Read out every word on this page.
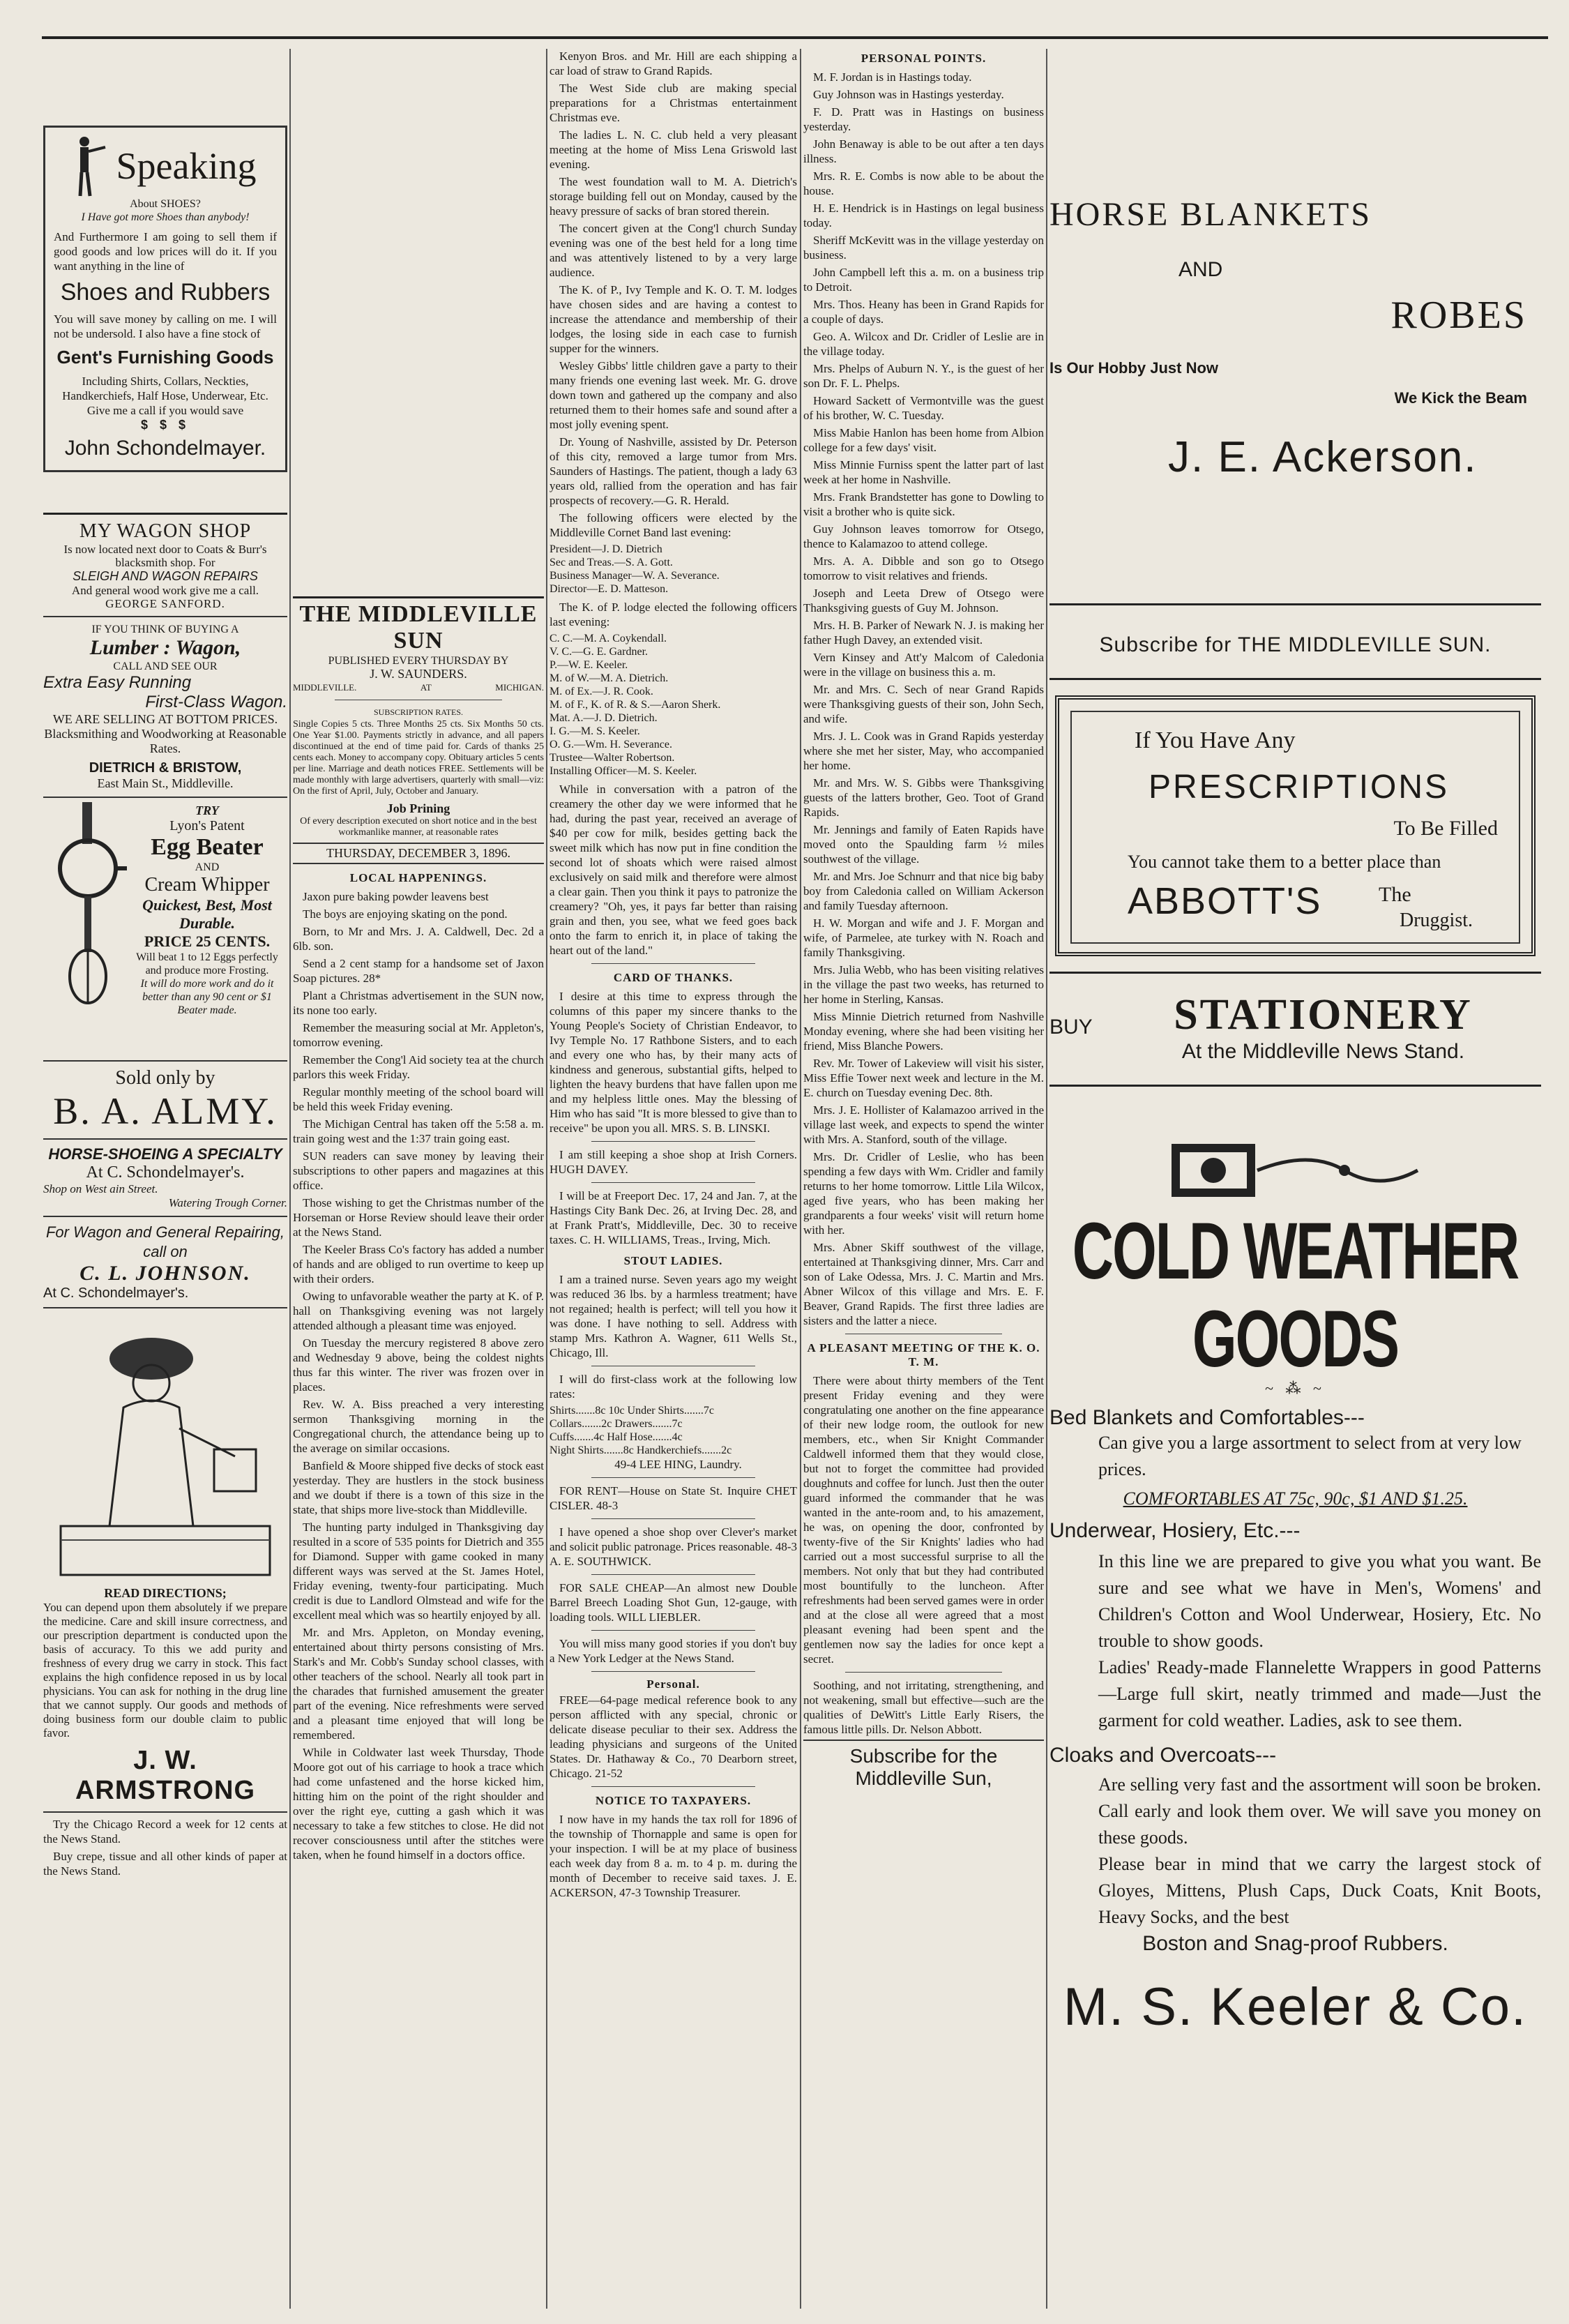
Speaking
About SHOES?
I Have got more Shoes than anybody!
And Furthermore I am going to sell them if good goods and low prices will do it. If you want anything in the line of
Shoes and Rubbers
You will save money by calling on me. I will not be undersold. I also have a fine stock of
Gent's Furnishing Goods
Including Shirts, Collars, Neckties, Handkerchiefs, Half Hose, Underwear, Etc. Give me a call if you would save
$ $ $
John Schondelmayer.
MY WAGON SHOP
Is now located next door to Coats & Burr's blacksmith shop. For
SLEIGH AND WAGON REPAIRS
And general wood work give me a call.
GEORGE SANFORD.
IF YOU THINK OF BUYING A
Lumber : Wagon,
CALL AND SEE OUR
Extra Easy Running
First-Class Wagon.
WE ARE SELLING AT BOTTOM PRICES.
Blacksmithing and Woodworking at Reasonable Rates.
DIETRICH & BRISTOW,
East Main St., Middleville.
TRY
Lyon's Patent
Egg Beater
AND
Cream Whipper
Quickest, Best, Most Durable.
PRICE 25 CENTS.
Will beat 1 to 12 Eggs perfectly and produce more Frosting.
It will do more work and do it better than any 90 cent or $1 Beater made.
Sold only by
B. A. ALMY.
HORSE-SHOEING A SPECIALTY
At C. Schondelmayer's.
Shop on West ain Street.
Watering Trough Corner.
For Wagon and General Repairing, call on
C. L. JOHNSON.
At C. Schondelmayer's.
READ DIRECTIONS;
You can depend upon them absolutely if we prepare the medicine. Care and skill insure correctness, and our prescription department is conducted upon the basis of accuracy. To this we add purity and freshness of every drug we carry in stock. This fact explains the high confidence reposed in us by local physicians. You can ask for nothing in the drug line that we cannot supply. Our goods and methods of doing business form our double claim to public favor.
J. W. ARMSTRONG

Try the Chicago Record a week for 12 cents at the News Stand.

Buy crepe, tissue and all other kinds of paper at the News Stand.

THE MIDDLEVILLE SUN
PUBLISHED EVERY THURSDAY BY
J. W. SAUNDERS.
MIDDLEVILLE.	AT	MICHIGAN.
SUBSCRIPTION RATES.
Single Copies 5 cts. Three Months 25 cts. Six Months 50 cts. One Year $1.00. Payments strictly in advance, and all papers discontinued at the end of time paid for. Cards of thanks 25 cents each. Money to accompany copy. Obituary articles 5 cents per line. Marriage and death notices FREE. Settlements will be made monthly with large advertisers, quarterly with small—viz: On the first of April, July, October and January.
Job Prining
Of every description executed on short notice and in the best workmanlike manner, at reasonable rates
THURSDAY, DECEMBER 3, 1896.
LOCAL HAPPENINGS.

Jaxon pure baking powder leavens best

The boys are enjoying skating on the pond.

Born, to Mr and Mrs. J. A. Caldwell, Dec. 2d a 6lb. son.

Send a 2 cent stamp for a handsome set of Jaxon Soap pictures. 28*

Plant a Christmas advertisement in the SUN now, its none too early.

Remember the measuring social at Mr. Appleton's, tomorrow evening.

Remember the Cong'l Aid society tea at the church parlors this week Friday.

Regular monthly meeting of the school board will be held this week Friday evening.

The Michigan Central has taken off the 5:58 a. m. train going west and the 1:37 train going east.

SUN readers can save money by leaving their subscriptions to other papers and magazines at this office.

Those wishing to get the Christmas number of the Horseman or Horse Review should leave their order at the News Stand.

The Keeler Brass Co's factory has added a number of hands and are obliged to run overtime to keep up with their orders.

Owing to unfavorable weather the party at K. of P. hall on Thanksgiving evening was not largely attended although a pleasant time was enjoyed.

On Tuesday the mercury registered 8 above zero and Wednesday 9 above, being the coldest nights thus far this winter. The river was frozen over in places.

Rev. W. A. Biss preached a very interesting sermon Thanksgiving morning in the Congregational church, the attendance being up to the average on similar occasions.

Banfield & Moore shipped five decks of stock east yesterday. They are hustlers in the stock business and we doubt if there is a town of this size in the state, that ships more live-stock than Middleville.

The hunting party indulged in Thanksgiving day resulted in a score of 535 points for Dietrich and 355 for Diamond. Supper with game cooked in many different ways was served at the St. James Hotel, Friday evening, twenty-four participating. Much credit is due to Landlord Olmstead and wife for the excellent meal which was so heartily enjoyed by all.

Mr. and Mrs. Appleton, on Monday evening, entertained about thirty persons consisting of Mrs. Stark's and Mr. Cobb's Sunday school classes, with other teachers of the school. Nearly all took part in the charades that furnished amusement the greater part of the evening. Nice refreshments were served and a pleasant time enjoyed that will long be remembered.

While in Coldwater last week Thursday, Thode Moore got out of his carriage to hook a trace which had come unfastened and the horse kicked him, hitting him on the point of the right shoulder and over the right eye, cutting a gash which it was necessary to take a few stitches to close. He did not recover consciousness until after the stitches were taken, when he found himself in a doctors office.

Kenyon Bros. and Mr. Hill are each shipping a car load of straw to Grand Rapids.

The West Side club are making special preparations for a Christmas entertainment Christmas eve.

The ladies L. N. C. club held a very pleasant meeting at the home of Miss Lena Griswold last evening.

The west foundation wall to M. A. Dietrich's storage building fell out on Monday, caused by the heavy pressure of sacks of bran stored therein.

The concert given at the Cong'l church Sunday evening was one of the best held for a long time and was attentively listened to by a very large audience.

The K. of P., Ivy Temple and K. O. T. M. lodges have chosen sides and are having a contest to increase the attendance and membership of their lodges, the losing side in each case to furnish supper for the winners.

Wesley Gibbs' little children gave a party to their many friends one evening last week. Mr. G. drove down town and gathered up the company and also returned them to their homes safe and sound after a most jolly evening spent.

Dr. Young of Nashville, assisted by Dr. Peterson of this city, removed a large tumor from Mrs. Saunders of Hastings. The patient, though a lady 63 years old, rallied from the operation and has fair prospects of recovery.—G. R. Herald.

The following officers were elected by the Middleville Cornet Band last evening:

President—J. D. Dietrich

Sec and Treas.—S. A. Gott.

Business Manager—W. A. Severance.

Director—E. D. Matteson.

The K. of P. lodge elected the following officers last evening:

C. C.—M. A. Coykendall.

V. C.—G. E. Gardner.

P.—W. E. Keeler.

M. of W.—M. A. Dietrich.

M. of Ex.—J. R. Cook.

M. of F., K. of R. & S.—Aaron Sherk.

Mat. A.—J. D. Dietrich.

I. G.—M. S. Keeler.

O. G.—Wm. H. Severance.

Trustee—Walter Robertson.

Installing Officer—M. S. Keeler.

While in conversation with a patron of the creamery the other day we were informed that he had, during the past year, received an average of $40 per cow for milk, besides getting back the sweet milk which has now put in fine condition the second lot of shoats which were raised almost exclusively on said milk and therefore were almost a clear gain. Then you think it pays to patronize the creamery? "Oh, yes, it pays far better than raising grain and then, you see, what we feed goes back onto the farm to enrich it, in place of taking the heart out of the land."

CARD OF THANKS.

I desire at this time to express through the columns of this paper my sincere thanks to the Young People's Society of Christian Endeavor, to Ivy Temple No. 17 Rathbone Sisters, and to each and every one who has, by their many acts of kindness and generous, substantial gifts, helped to lighten the heavy burdens that have fallen upon me and my helpless little ones. May the blessing of Him who has said "It is more blessed to give than to receive" be upon you all. MRS. S. B. LINSKI.

I am still keeping a shoe shop at Irish Corners. HUGH DAVEY.

I will be at Freeport Dec. 17, 24 and Jan. 7, at the Hastings City Bank Dec. 26, at Irving Dec. 28, and at Frank Pratt's, Middleville, Dec. 30 to receive taxes. C. H. WILLIAMS, Treas., Irving, Mich.

STOUT LADIES.

I am a trained nurse. Seven years ago my weight was reduced 36 lbs. by a harmless treatment; have not regained; health is perfect; will tell you how it was done. I have nothing to sell. Address with stamp Mrs. Kathron A. Wagner, 611 Wells St., Chicago, Ill.

I will do first-class work at the following low rates:

Shirts.......8c 10c Under Shirts.......7c

Collars.......2c Drawers.......7c

Cuffs.......4c Half Hose.......4c

Night Shirts.......8c Handkerchiefs.......2c

49-4 LEE HING, Laundry.

FOR RENT—House on State St. Inquire CHET CISLER. 48-3

I have opened a shoe shop over Clever's market and solicit public patronage. Prices reasonable. 48-3 A. E. SOUTHWICK.

FOR SALE CHEAP—An almost new Double Barrel Breech Loading Shot Gun, 12-gauge, with loading tools. WILL LIEBLER.

You will miss many good stories if you don't buy a New York Ledger at the News Stand.

Personal.

FREE—64-page medical reference book to any person afflicted with any special, chronic or delicate disease peculiar to their sex. Address the leading physicians and surgeons of the United States. Dr. Hathaway & Co., 70 Dearborn street, Chicago. 21-52

NOTICE TO TAXPAYERS.

I now have in my hands the tax roll for 1896 of the township of Thornapple and same is open for your inspection. I will be at my place of business each week day from 8 a. m. to 4 p. m. during the month of December to receive said taxes. J. E. ACKERSON, 47-3 Township Treasurer.

PERSONAL POINTS.

M. F. Jordan is in Hastings today.

Guy Johnson was in Hastings yesterday.

F. D. Pratt was in Hastings on business yesterday.

John Benaway is able to be out after a ten days illness.

Mrs. R. E. Combs is now able to be about the house.

H. E. Hendrick is in Hastings on legal business today.

Sheriff McKevitt was in the village yesterday on business.

John Campbell left this a. m. on a business trip to Detroit.

Mrs. Thos. Heany has been in Grand Rapids for a couple of days.

Geo. A. Wilcox and Dr. Cridler of Leslie are in the village today.

Mrs. Phelps of Auburn N. Y., is the guest of her son Dr. F. L. Phelps.

Howard Sackett of Vermontville was the guest of his brother, W. C. Tuesday.

Miss Mabie Hanlon has been home from Albion college for a few days' visit.

Miss Minnie Furniss spent the latter part of last week at her home in Nashville.

Mrs. Frank Brandstetter has gone to Dowling to visit a brother who is quite sick.

Guy Johnson leaves tomorrow for Otsego, thence to Kalamazoo to attend college.

Mrs. A. A. Dibble and son go to Otsego tomorrow to visit relatives and friends.

Joseph and Leeta Drew of Otsego were Thanksgiving guests of Guy M. Johnson.

Mrs. H. B. Parker of Newark N. J. is making her father Hugh Davey, an extended visit.

Vern Kinsey and Att'y Malcom of Caledonia were in the village on business this a. m.

Mr. and Mrs. C. Sech of near Grand Rapids were Thanksgiving guests of their son, John Sech, and wife.

Mrs. J. L. Cook was in Grand Rapids yesterday where she met her sister, May, who accompanied her home.

Mr. and Mrs. W. S. Gibbs were Thanksgiving guests of the latters brother, Geo. Toot of Grand Rapids.

Mr. Jennings and family of Eaten Rapids have moved onto the Spaulding farm ½ miles southwest of the village.

Mr. and Mrs. Joe Schnurr and that nice big baby boy from Caledonia called on William Ackerson and family Tuesday afternoon.

H. W. Morgan and wife and J. F. Morgan and wife, of Parmelee, ate turkey with N. Roach and family Thanksgiving.

Mrs. Julia Webb, who has been visiting relatives in the village the past two weeks, has returned to her home in Sterling, Kansas.

Miss Minnie Dietrich returned from Nashville Monday evening, where she had been visiting her friend, Miss Blanche Powers.

Rev. Mr. Tower of Lakeview will visit his sister, Miss Effie Tower next week and lecture in the M. E. church on Tuesday evening Dec. 8th.

Mrs. J. E. Hollister of Kalamazoo arrived in the village last week, and expects to spend the winter with Mrs. A. Stanford, south of the village.

Mrs. Dr. Cridler of Leslie, who has been spending a few days with Wm. Cridler and family returns to her home tomorrow. Little Lila Wilcox, aged five years, who has been making her grandparents a four weeks' visit will return home with her.

Mrs. Abner Skiff southwest of the village, entertained at Thanksgiving dinner, Mrs. Carr and son of Lake Odessa, Mrs. J. C. Martin and Mrs. Abner Wilcox of this village and Mrs. E. F. Beaver, Grand Rapids. The first three ladies are sisters and the latter a niece.

A PLEASANT MEETING OF THE K. O. T. M.

There were about thirty members of the Tent present Friday evening and they were congratulating one another on the fine appearance of their new lodge room, the outlook for new members, etc., when Sir Knight Commander Caldwell informed them that they would close, but not to forget the committee had provided doughnuts and coffee for lunch. Just then the outer guard informed the commander that he was wanted in the ante-room and, to his amazement, he was, on opening the door, confronted by twenty-five of the Sir Knights' ladies who had carried out a most successful surprise to all the members. Not only that but they had contributed most bountifully to the luncheon. After refreshments had been served games were in order and at the close all were agreed that a most pleasant evening had been spent and the gentlemen now say the ladies for once kept a secret.

Soothing, and not irritating, strengthening, and not weakening, small but effective—such are the qualities of DeWitt's Little Early Risers, the famous little pills. Dr. Nelson Abbott.

Subscribe for the Middleville Sun,
HORSE BLANKETS
AND
ROBES
Is Our Hobby Just Now
We Kick the Beam
J. E. Ackerson.
Subscribe for THE MIDDLEVILLE SUN.
If You Have Any
PRESCRIPTIONS
To Be Filled
You cannot take them to a better place than
ABBOTT'S	The
Druggist.
BUY	STATIONERY
At the Middleville News Stand.
COLD WEATHER GOODS
~ ⁂ ~
Bed Blankets and Comfortables---
Can give you a large assortment to select from at very low prices.
COMFORTABLES AT 75c, 90c, $1 AND $1.25.
Underwear, Hosiery, Etc.---
In this line we are prepared to give you what you want. Be sure and see what we have in Men's, Womens' and Children's Cotton and Wool Underwear, Hosiery, Etc. No trouble to show goods.
Ladies' Ready-made Flannelette Wrappers in good Patterns—Large full skirt, neatly trimmed and made—Just the garment for cold weather. Ladies, ask to see them.
Cloaks and Overcoats---
Are selling very fast and the assortment will soon be broken. Call early and look them over. We will save you money on these goods.
Please bear in mind that we carry the largest stock of Gloyes, Mittens, Plush Caps, Duck Coats, Knit Boots, Heavy Socks, and the best
Boston and Snag-proof Rubbers.
M. S. Keeler & Co.
